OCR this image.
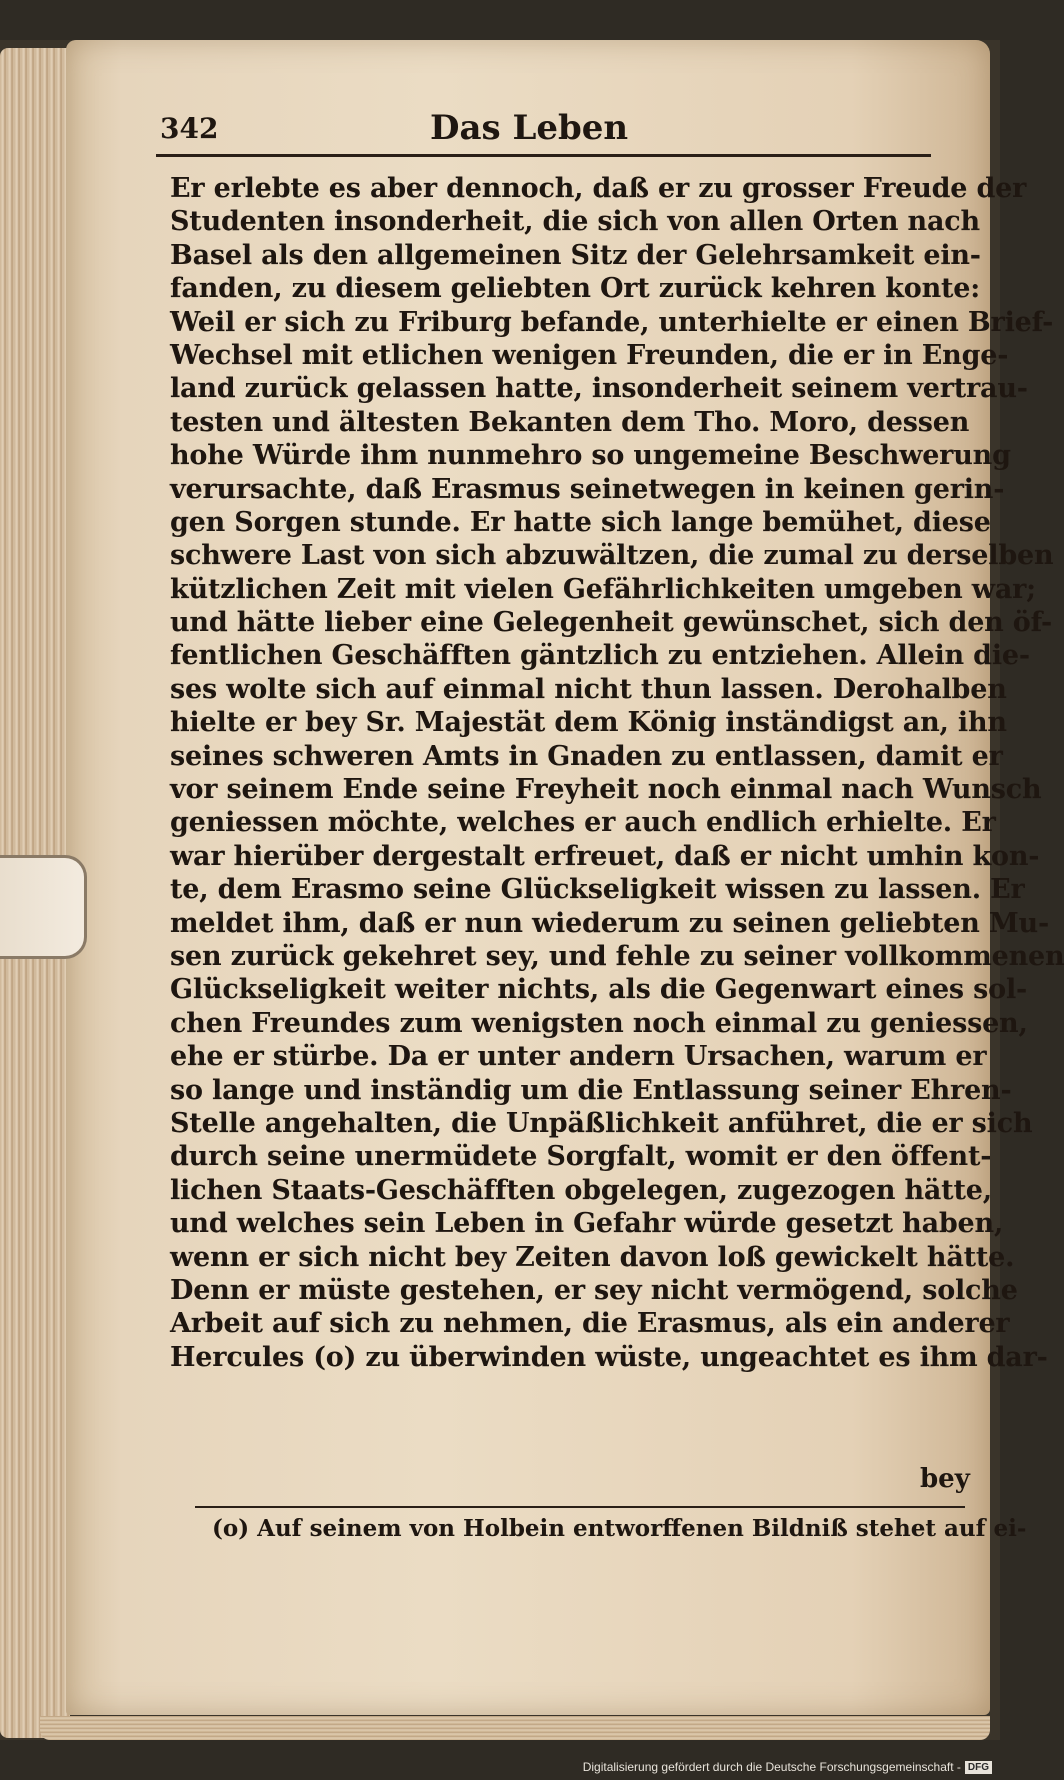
342	Das Leben
Er erlebte es aber dennoch, daß er zu grosser Freude der
Studenten insonderheit, die sich von allen Orten nach
Basel als den allgemeinen Sitz der Gelehrsamkeit ein-
fanden, zu diesem geliebten Ort zurück kehren konte:
Weil er sich zu Friburg befande, unterhielte er einen Brief-
Wechsel mit etlichen wenigen Freunden, die er in Enge-
land zurück gelassen hatte, insonderheit seinem vertrau-
testen und ältesten Bekanten dem Tho. Moro, dessen
hohe Würde ihm nunmehro so ungemeine Beschwerung
verursachte, daß Erasmus seinetwegen in keinen gerin-
gen Sorgen stunde. Er hatte sich lange bemühet, diese
schwere Last von sich abzuwältzen, die zumal zu derselben
kützlichen Zeit mit vielen Gefährlichkeiten umgeben war;
und hätte lieber eine Gelegenheit gewünschet, sich den öf-
fentlichen Geschäfften gäntzlich zu entziehen. Allein die-
ses wolte sich auf einmal nicht thun lassen. Derohalben
hielte er bey Sr. Majestät dem König inständigst an, ihn
seines schweren Amts in Gnaden zu entlassen, damit er
vor seinem Ende seine Freyheit noch einmal nach Wunsch
geniessen möchte, welches er auch endlich erhielte. Er
war hierüber dergestalt erfreuet, daß er nicht umhin kon-
te, dem Erasmo seine Glückseligkeit wissen zu lassen. Er
meldet ihm, daß er nun wiederum zu seinen geliebten Mu-
sen zurück gekehret sey, und fehle zu seiner vollkommenen
Glückseligkeit weiter nichts, als die Gegenwart eines sol-
chen Freundes zum wenigsten noch einmal zu geniessen,
ehe er stürbe. Da er unter andern Ursachen, warum er
so lange und inständig um die Entlassung seiner Ehren-
Stelle angehalten, die Unpäßlichkeit anführet, die er sich
durch seine unermüdete Sorgfalt, womit er den öffent-
lichen Staats-Geschäfften obgelegen, zugezogen hätte,
und welches sein Leben in Gefahr würde gesetzt haben,
wenn er sich nicht bey Zeiten davon loß gewickelt hätte.
Denn er müste gestehen, er sey nicht vermögend, solche
Arbeit auf sich zu nehmen, die Erasmus, als ein anderer
Hercules (o) zu überwinden wüste, ungeachtet es ihm dar-
bey
(o) Auf seinem von Holbein entworffenen Bildniß stehet auf ei-
Digitalisierung gefördert durch die Deutsche Forschungsgemeinschaft - DFG
